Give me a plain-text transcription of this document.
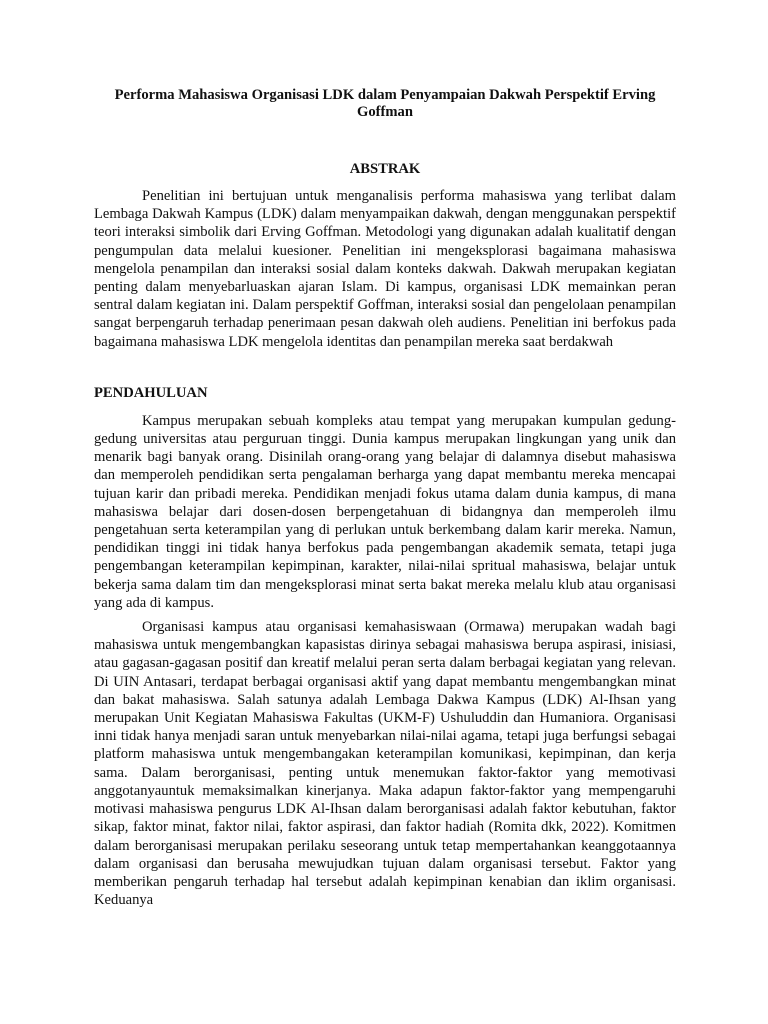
Performa Mahasiswa Organisasi LDK dalam Penyampaian Dakwah Perspektif Erving Goffman
ABSTRAK

Penelitian ini bertujuan untuk menganalisis performa mahasiswa yang terlibat dalam Lembaga Dakwah Kampus (LDK) dalam menyampaikan dakwah, dengan menggunakan perspektif teori interaksi simbolik dari Erving Goffman. Metodologi yang digunakan adalah kualitatif dengan pengumpulan data melalui kuesioner. Penelitian ini mengeksplorasi bagaimana mahasiswa mengelola penampilan dan interaksi sosial dalam konteks dakwah. Dakwah merupakan kegiatan penting dalam menyebarluaskan ajaran Islam. Di kampus, organisasi LDK memainkan peran sentral dalam kegiatan ini. Dalam perspektif Goffman, interaksi sosial dan pengelolaan penampilan sangat berpengaruh terhadap penerimaan pesan dakwah oleh audiens. Penelitian ini berfokus pada bagaimana mahasiswa LDK mengelola identitas dan penampilan mereka saat berdakwah

PENDAHULUAN

Kampus merupakan sebuah kompleks atau tempat yang merupakan kumpulan gedung-gedung universitas atau perguruan tinggi. Dunia kampus merupakan lingkungan yang unik dan menarik bagi banyak orang. Disinilah orang-orang yang belajar di dalamnya disebut mahasiswa dan memperoleh pendidikan serta pengalaman berharga yang dapat membantu mereka mencapai tujuan karir dan pribadi mereka. Pendidikan menjadi fokus utama dalam dunia kampus, di mana mahasiswa belajar dari dosen-dosen berpengetahuan di bidangnya dan memperoleh ilmu pengetahuan serta keterampilan yang di perlukan untuk berkembang dalam karir mereka. Namun, pendidikan tinggi ini tidak hanya berfokus pada pengembangan akademik semata, tetapi juga pengembangan keterampilan kepimpinan, karakter, nilai-nilai spritual mahasiswa, belajar untuk bekerja sama dalam tim dan mengeksplorasi minat serta bakat mereka melalu klub atau organisasi yang ada di kampus.

Organisasi kampus atau organisasi kemahasiswaan (Ormawa) merupakan wadah bagi mahasiswa untuk mengembangkan kapasistas dirinya sebagai mahasiswa berupa aspirasi, inisiasi, atau gagasan-gagasan positif dan kreatif melalui peran serta dalam berbagai kegiatan yang relevan. Di UIN Antasari, terdapat berbagai organisasi aktif yang dapat membantu mengembangkan minat dan bakat mahasiswa. Salah satunya adalah Lembaga Dakwa Kampus (LDK) Al-Ihsan yang merupakan Unit Kegiatan Mahasiswa Fakultas (UKM-F) Ushuluddin dan Humaniora. Organisasi inni tidak hanya menjadi saran untuk menyebarkan nilai-nilai agama, tetapi juga berfungsi sebagai platform mahasiswa untuk mengembangakan keterampilan komunikasi, kepimpinan, dan kerja sama. Dalam berorganisasi, penting untuk menemukan faktor-faktor yang memotivasi anggotanyauntuk memaksimalkan kinerjanya. Maka adapun faktor-faktor yang mempengaruhi motivasi mahasiswa pengurus LDK Al-Ihsan dalam berorganisasi adalah faktor kebutuhan, faktor sikap, faktor minat, faktor nilai, faktor aspirasi, dan faktor hadiah (Romita dkk, 2022). Komitmen dalam berorganisasi merupakan perilaku seseorang untuk tetap mempertahankan keanggotaannya dalam organisasi dan berusaha mewujudkan tujuan dalam organisasi tersebut. Faktor yang memberikan pengaruh terhadap hal tersebut adalah kepimpinan kenabian dan iklim organisasi. Keduanya
